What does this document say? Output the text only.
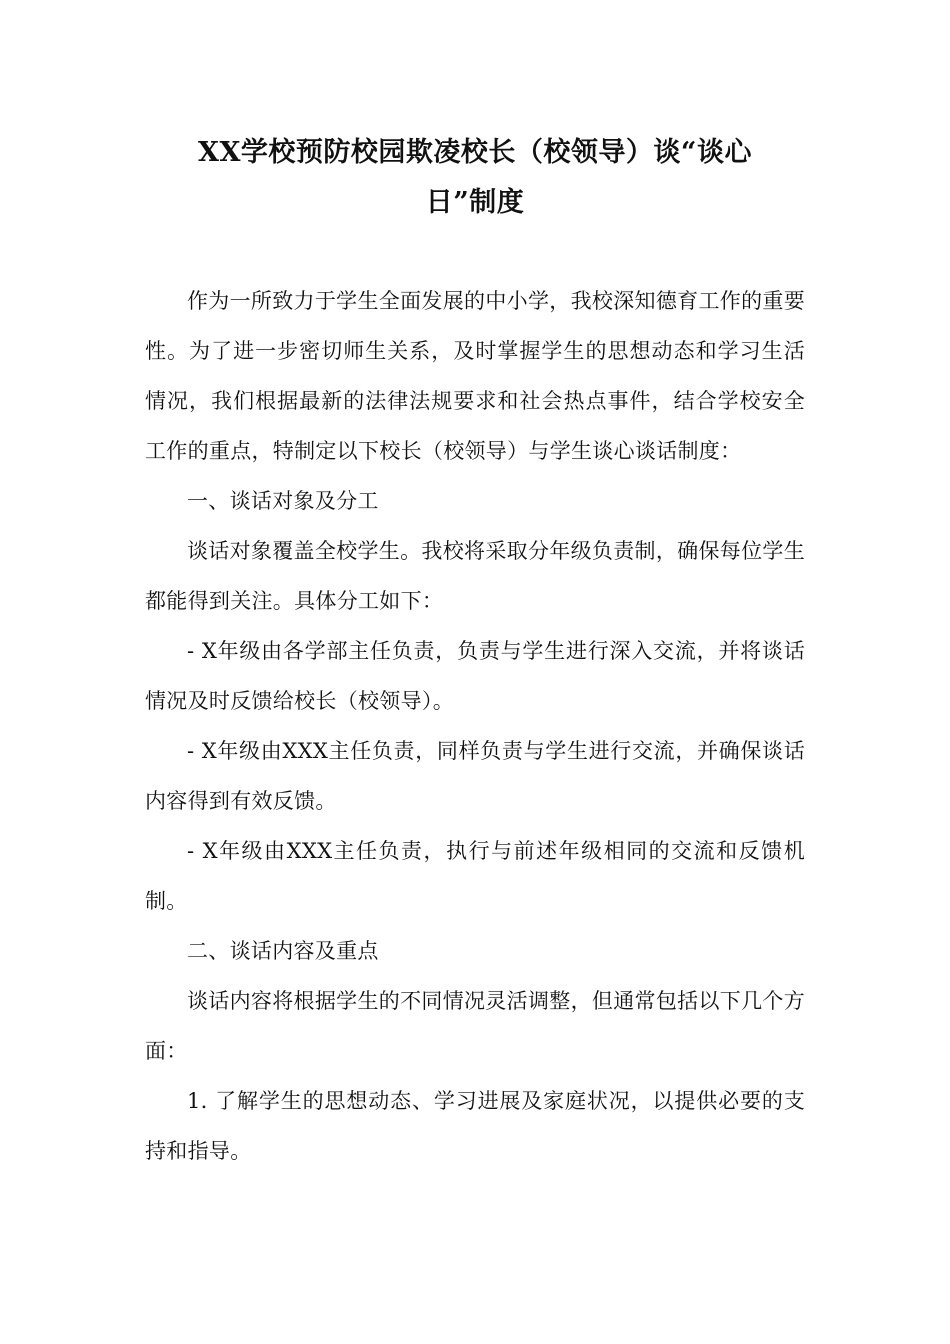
XX学校预防校园欺凌校长（校领导）谈“谈心
日”制度

作为一所致力于学生全面发展的中小学，我校深知德育工作的重要性。为了进一步密切师生关系，及时掌握学生的思想动态和学习生活情况，我们根据最新的法律法规要求和社会热点事件，结合学校安全工作的重点，特制定以下校长（校领导）与学生谈心谈话制度：

一、谈话对象及分工

谈话对象覆盖全校学生。我校将采取分年级负责制，确保每位学生都能得到关注。具体分工如下：

- X年级由各学部主任负责，负责与学生进行深入交流，并将谈话情况及时反馈给校长（校领导）。

- X年级由XXX主任负责，同样负责与学生进行交流，并确保谈话内容得到有效反馈。

- X年级由XXX主任负责，执行与前述年级相同的交流和反馈机制。

二、谈话内容及重点

谈话内容将根据学生的不同情况灵活调整，但通常包括以下几个方面：

1. 了解学生的思想动态、学习进展及家庭状况，以提供必要的支持和指导。
